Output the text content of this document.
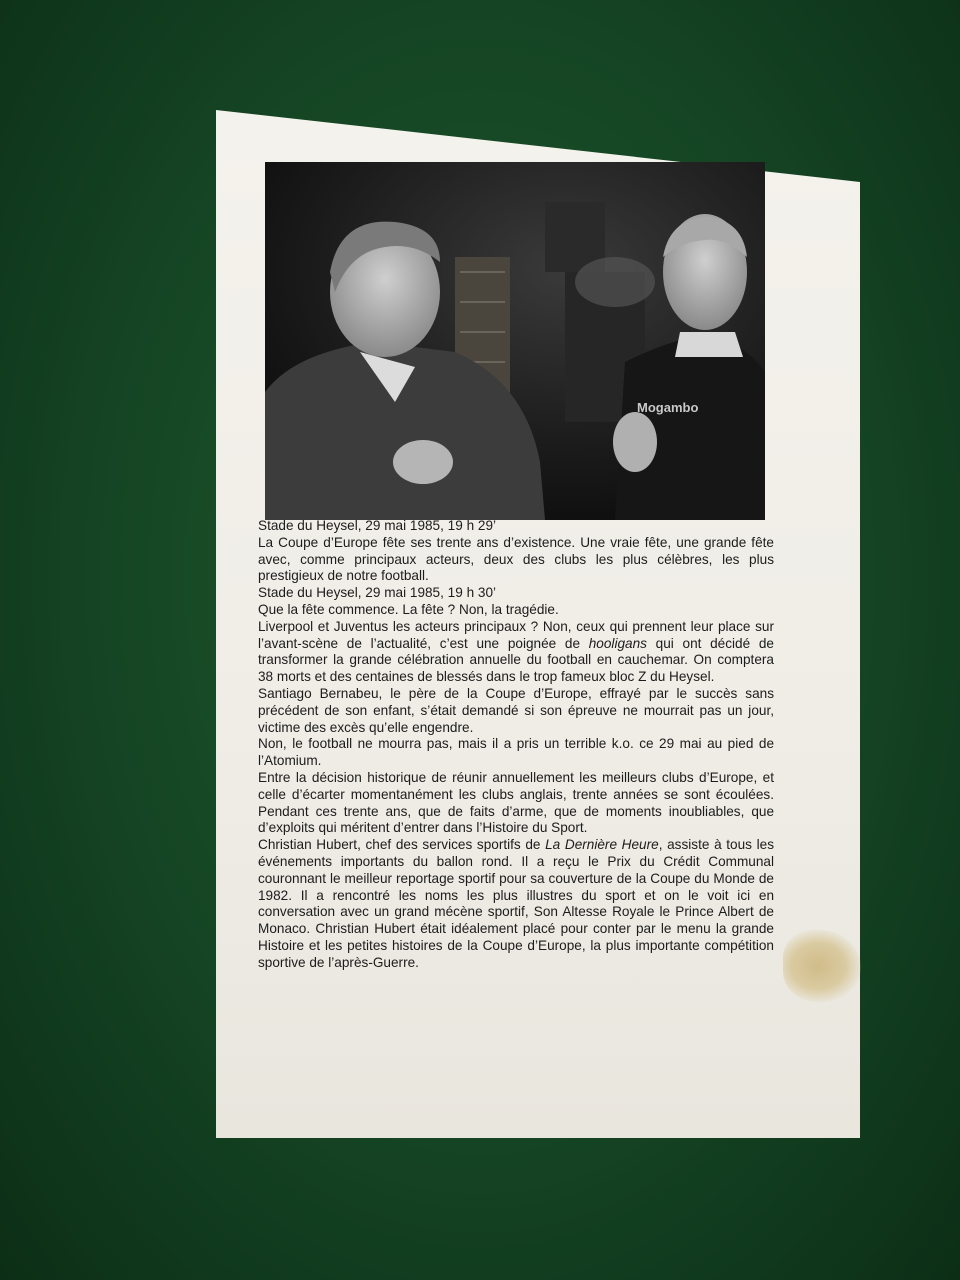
Mogambo

Stade du Heysel, 29 mai 1985, 19 h 29’

La Coupe d’Europe fête ses trente ans d’existence. Une vraie fête, une grande fête avec, comme principaux acteurs, deux des clubs les plus célèbres, les plus prestigieux de notre football.

Stade du Heysel, 29 mai 1985, 19 h 30’

Que la fête commence. La fête ? Non, la tragédie.

Liverpool et Juventus les acteurs principaux ? Non, ceux qui prennent leur place sur l’avant-scène de l’actualité, c’est une poignée de hooligans qui ont décidé de transformer la grande célébration annuelle du football en cauchemar. On comptera 38 morts et des centaines de blessés dans le trop fameux bloc Z du Heysel.

Santiago Bernabeu, le père de la Coupe d’Europe, effrayé par le succès sans précédent de son enfant, s’était demandé si son épreuve ne mourrait pas un jour, victime des excès qu’elle engendre.

Non, le football ne mourra pas, mais il a pris un terrible k.o. ce 29 mai au pied de l’Atomium.

Entre la décision historique de réunir annuellement les meilleurs clubs d’Europe, et celle d’écarter momentanément les clubs anglais, trente années se sont écoulées. Pendant ces trente ans, que de faits d’arme, que de moments inoubliables, que d’exploits qui méritent d’entrer dans l’Histoire du Sport.

Christian Hubert, chef des services sportifs de La Dernière Heure, assiste à tous les événements importants du ballon rond. Il a reçu le Prix du Crédit Communal couronnant le meilleur reportage sportif pour sa couverture de la Coupe du Monde de 1982. Il a rencontré les noms les plus illustres du sport et on le voit ici en conversation avec un grand mécène sportif, Son Altesse Royale le Prince Albert de Monaco. Christian Hubert était idéalement placé pour conter par le menu la grande Histoire et les petites histoires de la Coupe d’Europe, la plus importante compétition sportive de l’après-Guerre.
